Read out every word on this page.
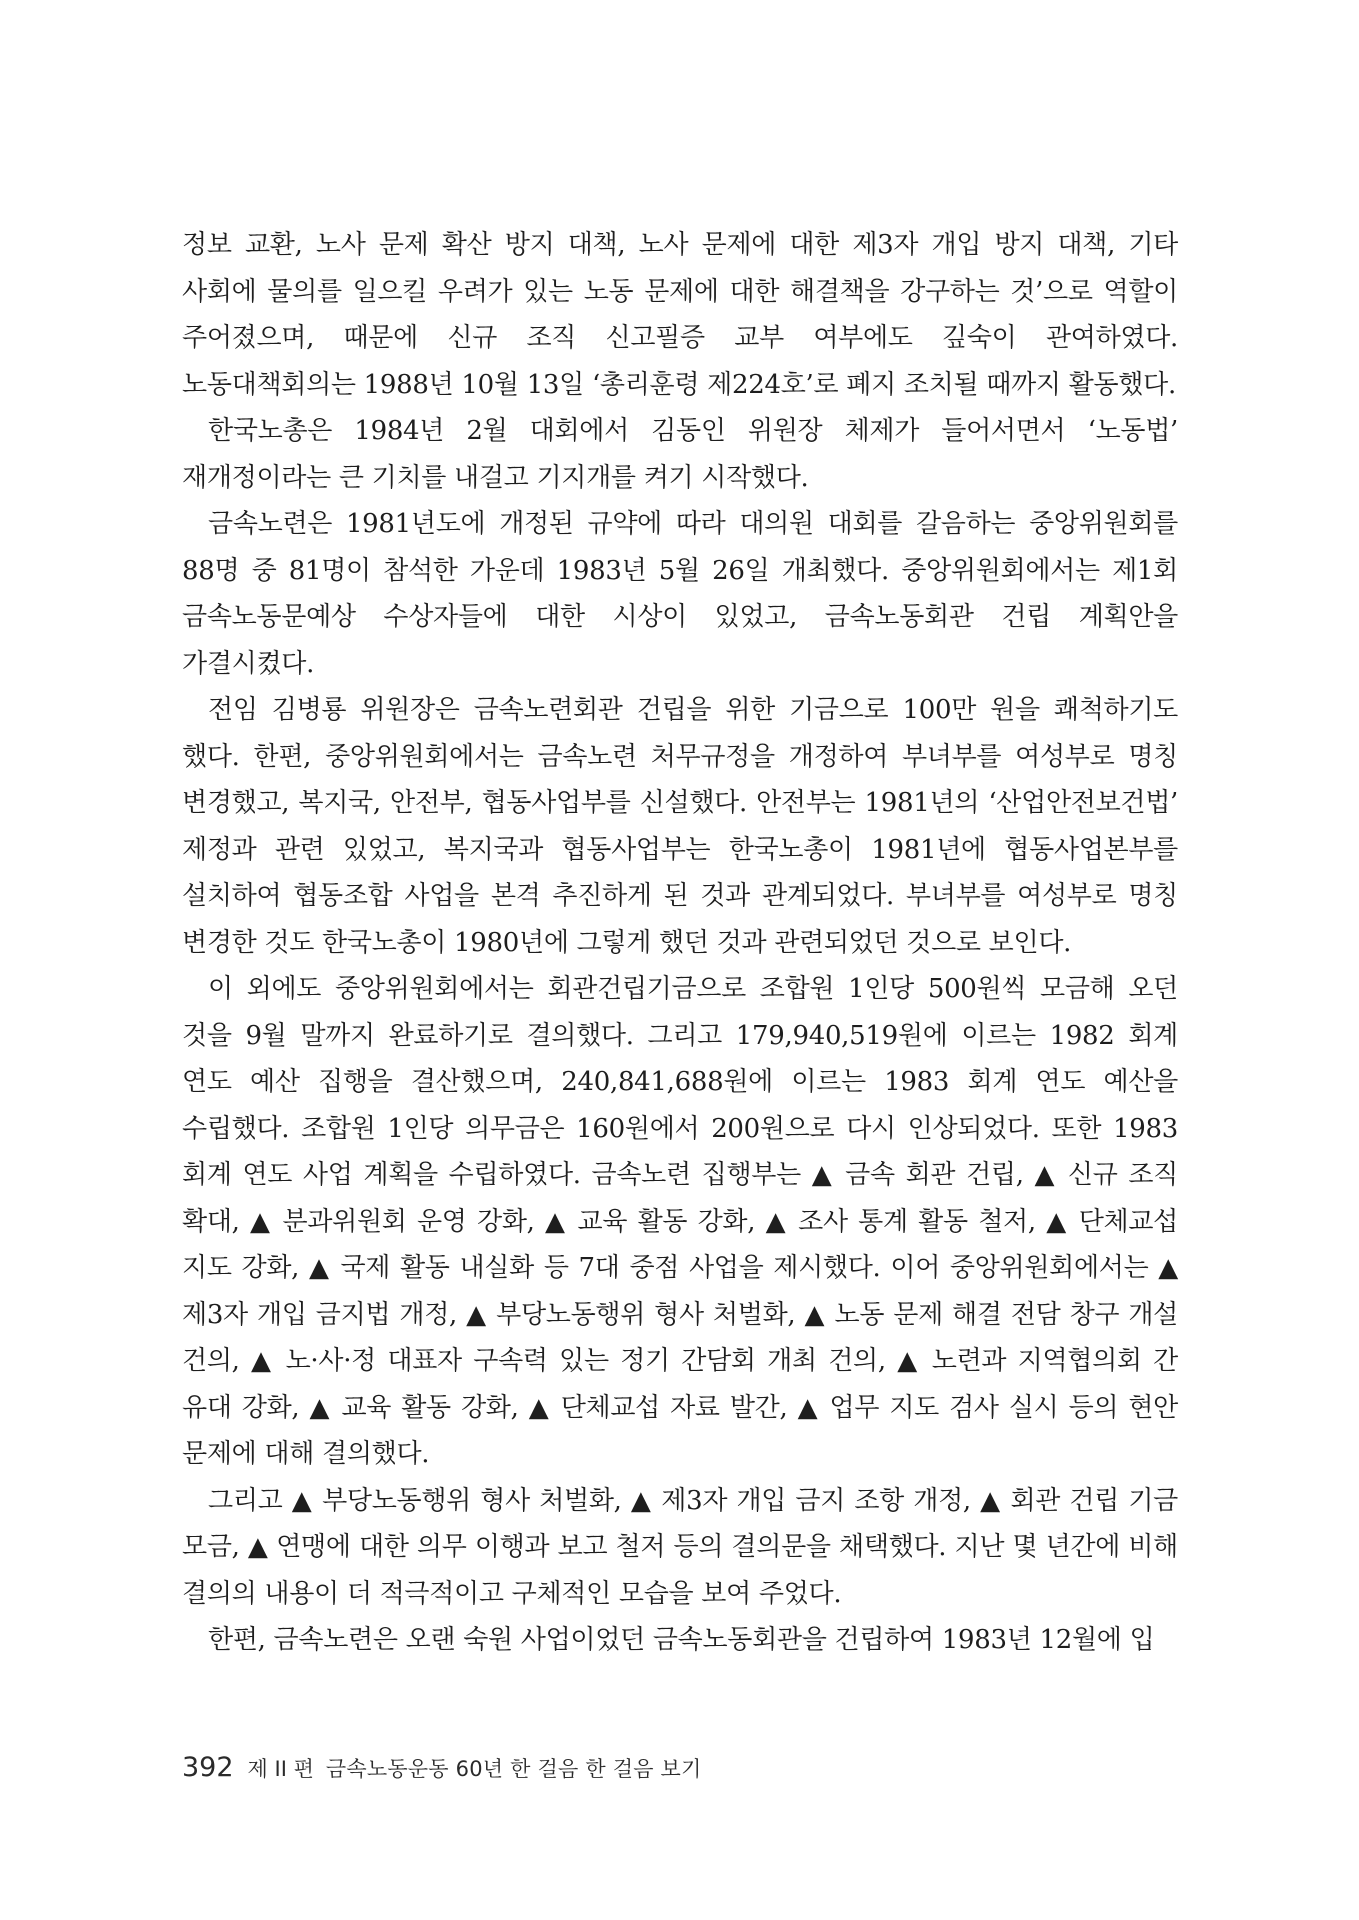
정보 교환, 노사 문제 확산 방지 대책, 노사 문제에 대한 제3자 개입 방지 대책, 기타 사회에 물의를 일으킬 우려가 있는 노동 문제에 대한 해결책을 강구하는 것’으로 역할이 주어졌으며, 때문에 신규 조직 신고필증 교부 여부에도 깊숙이 관여하였다. 노동대책회의는 1988년 10월 13일 ‘총리훈령 제224호’로 폐지 조치될 때까지 활동했다.

한국노총은 1984년 2월 대회에서 김동인 위원장 체제가 들어서면서 ‘노동법’ 재개정이라는 큰 기치를 내걸고 기지개를 켜기 시작했다.

금속노련은 1981년도에 개정된 규약에 따라 대의원 대회를 갈음하는 중앙위원회를 88명 중 81명이 참석한 가운데 1983년 5월 26일 개최했다. 중앙위원회에서는 제1회 금속노동문예상 수상자들에 대한 시상이 있었고, 금속노동회관 건립 계획안을 가결시켰다.

전임 김병룡 위원장은 금속노련회관 건립을 위한 기금으로 100만 원을 쾌척하기도 했다. 한편, 중앙위원회에서는 금속노련 처무규정을 개정하여 부녀부를 여성부로 명칭 변경했고, 복지국, 안전부, 협동사업부를 신설했다. 안전부는 1981년의 ‘산업안전보건법’ 제정과 관련 있었고, 복지국과 협동사업부는 한국노총이 1981년에 협동사업본부를 설치하여 협동조합 사업을 본격 추진하게 된 것과 관계되었다. 부녀부를 여성부로 명칭 변경한 것도 한국노총이 1980년에 그렇게 했던 것과 관련되었던 것으로 보인다.

이 외에도 중앙위원회에서는 회관건립기금으로 조합원 1인당 500원씩 모금해 오던 것을 9월 말까지 완료하기로 결의했다. 그리고 179,940,519원에 이르는 1982 회계 연도 예산 집행을 결산했으며, 240,841,688원에 이르는 1983 회계 연도 예산을 수립했다. 조합원 1인당 의무금은 160원에서 200원으로 다시 인상되었다. 또한 1983 회계 연도 사업 계획을 수립하였다. 금속노련 집행부는 ▲ 금속 회관 건립, ▲ 신규 조직 확대, ▲ 분과위원회 운영 강화, ▲ 교육 활동 강화, ▲ 조사 통계 활동 철저, ▲ 단체교섭 지도 강화, ▲ 국제 활동 내실화 등 7대 중점 사업을 제시했다. 이어 중앙위원회에서는 ▲ 제3자 개입 금지법 개정, ▲ 부당노동행위 형사 처벌화, ▲ 노동 문제 해결 전담 창구 개설 건의, ▲ 노·사·정 대표자 구속력 있는 정기 간담회 개최 건의, ▲ 노련과 지역협의회 간 유대 강화, ▲ 교육 활동 강화, ▲ 단체교섭 자료 발간, ▲ 업무 지도 검사 실시 등의 현안 문제에 대해 결의했다.

그리고 ▲ 부당노동행위 형사 처벌화, ▲ 제3자 개입 금지 조항 개정, ▲ 회관 건립 기금 모금, ▲ 연맹에 대한 의무 이행과 보고 철저 등의 결의문을 채택했다. 지난 몇 년간에 비해 결의의 내용이 더 적극적이고 구체적인 모습을 보여 주었다.

한편, 금속노련은 오랜 숙원 사업이었던 금속노동회관을 건립하여 1983년 12월에 입

392 제 II 편 금속노동운동 60년 한 걸음 한 걸음 보기
